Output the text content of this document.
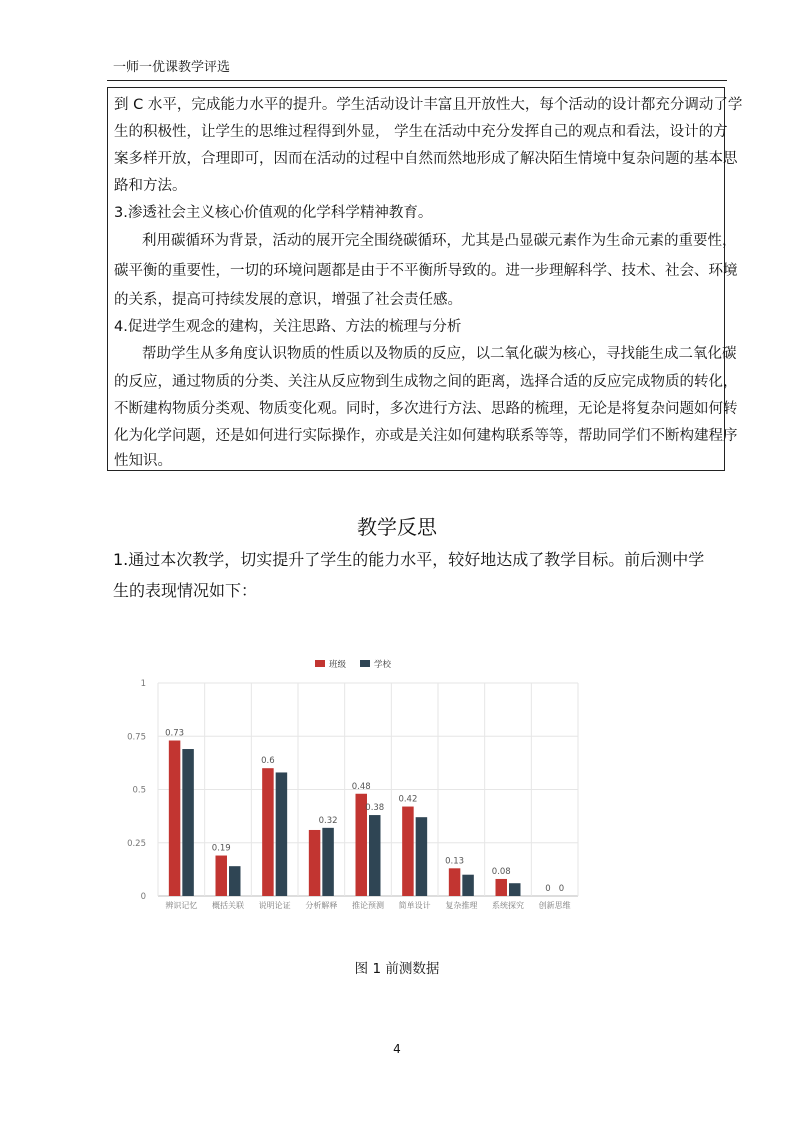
一师一优课教学评选
到 C 水平，完成能力水平的提升。学生活动设计丰富且开放性大，每个活动的设计都充分调动了学
生的积极性，让学生的思维过程得到外显， 学生在活动中充分发挥自己的观点和看法，设计的方
案多样开放，合理即可，因而在活动的过程中自然而然地形成了解决陌生情境中复杂问题的基本思
路和方法。
3.渗透社会主义核心价值观的化学科学精神教育。
利用碳循环为背景，活动的展开完全围绕碳循环，尤其是凸显碳元素作为生命元素的重要性，
碳平衡的重要性，一切的环境问题都是由于不平衡所导致的。进一步理解科学、技术、社会、环境
的关系，提高可持续发展的意识，增强了社会责任感。
4.促进学生观念的建构，关注思路、方法的梳理与分析
帮助学生从多角度认识物质的性质以及物质的反应，以二氧化碳为核心，寻找能生成二氧化碳
的反应，通过物质的分类、关注从反应物到生成物之间的距离，选择合适的反应完成物质的转化，
不断建构物质分类观、物质变化观。同时，多次进行方法、思路的梳理，无论是将复杂问题如何转
化为化学问题，还是如何进行实际操作，亦或是关注如何建构联系等等，帮助同学们不断构建程序
性知识。
教学反思
1.通过本次教学，切实提升了学生的能力水平，较好地达成了教学目标。前后测中学
生的表现情况如下：
0
0.25
0.5
0.75
1
班级	学校
0.73
辨识记忆
0.19
概括关联
0.6
说明论证
0.32
分析解释
0.48
0.38
推论预测
0.42
简单设计
0.13
复杂推理
0.08
系统探究
0 0
创新思维
图 1 前测数据
4
